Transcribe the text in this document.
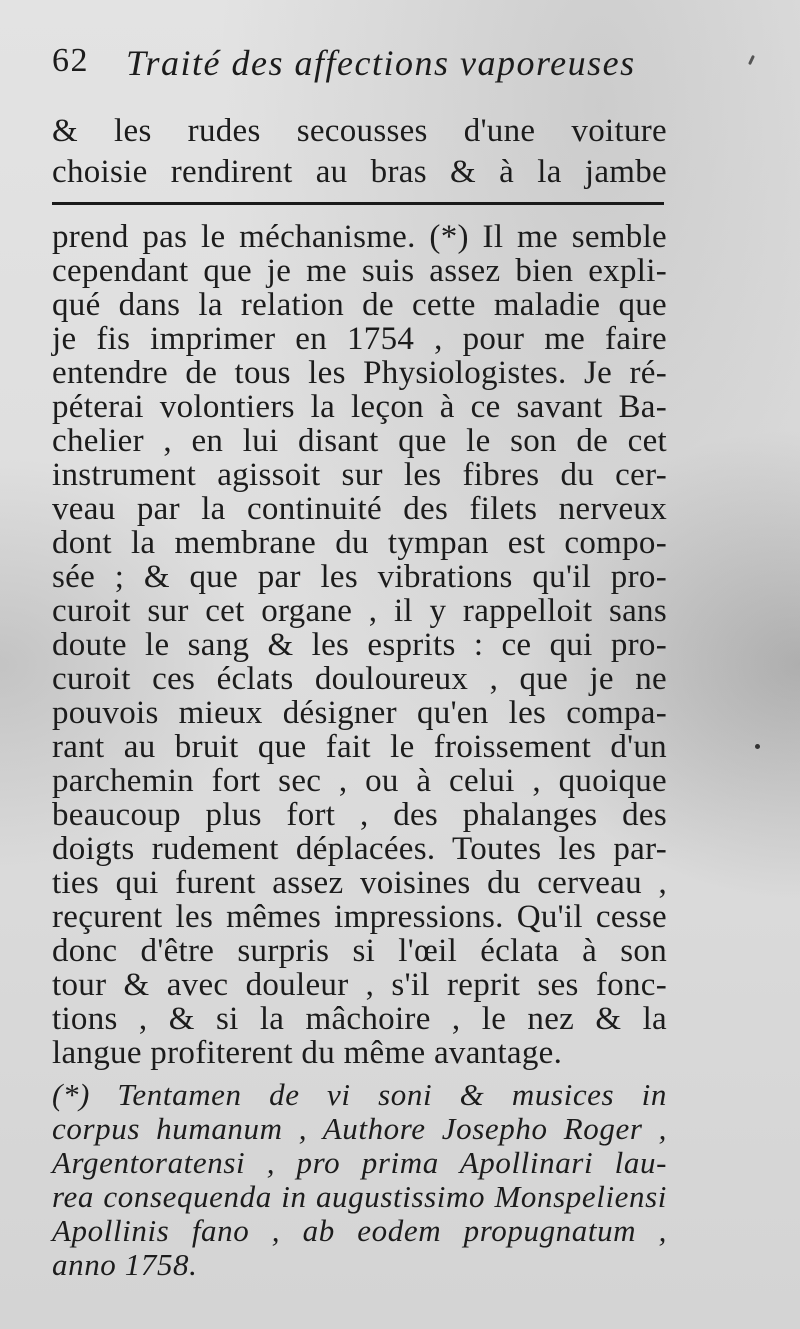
62 Traité des affections vaporeuses
& les rudes secousses d'une voiture
choisie rendirent au bras & à la jambe
prend pas le méchanisme. (*) Il me semble
cependant que je me suis assez bien expli-
qué dans la relation de cette maladie que
je fis imprimer en 1754 , pour me faire
entendre de tous les Physiologistes. Je ré-
péterai volontiers la leçon à ce savant Ba-
chelier , en lui disant que le son de cet
instrument agissoit sur les fibres du cer-
veau par la continuité des filets nerveux
dont la membrane du tympan est compo-
sée ; & que par les vibrations qu'il pro-
curoit sur cet organe , il y rappelloit sans
doute le sang & les esprits : ce qui pro-
curoit ces éclats douloureux , que je ne
pouvois mieux désigner qu'en les compa-
rant au bruit que fait le froissement d'un
parchemin fort sec , ou à celui , quoique
beaucoup plus fort , des phalanges des
doigts rudement déplacées. Toutes les par-
ties qui furent assez voisines du cerveau ,
reçurent les mêmes impressions. Qu'il cesse
donc d'être surpris si l'œil éclata à son
tour & avec douleur , s'il reprit ses fonc-
tions , & si la mâchoire , le nez & la
langue profiterent du même avantage.
(*) Tentamen de vi soni & musices in
corpus humanum , Authore Josepho Roger ,
Argentoratensi , pro prima Apollinari lau-
rea consequenda in augustissimo Monspeliensi
Apollinis fano , ab eodem propugnatum ,
anno 1758.
